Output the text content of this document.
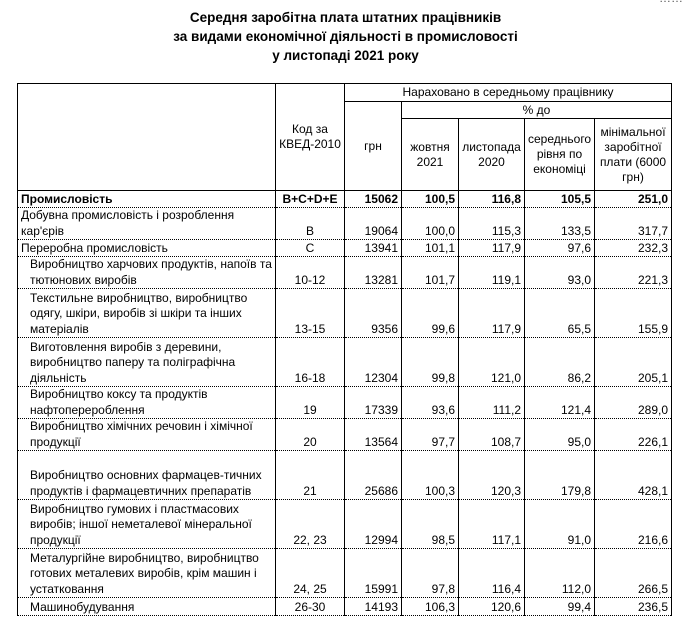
Середня заробітна плата штатних працівників
за видами економічної діяльності в промисловості
у листопаді 2021 року
	Код за КВЕД-2010	Нараховано в середньому працівнику				
		грн	% до			
			жовтня 2021	листопада 2020	середнього рівня по економіці	мінімальної заробітної плати (6000 грн)
Промисловість	B+C+D+E	15062	100,5	116,8	105,5	251,0
Добувна промисловість і розроблення кар'єрів	B	19064	100,0	115,3	133,5	317,7
Переробна промисловість	C	13941	101,1	117,9	97,6	232,3
Виробництво харчових продуктів, напоїв та тютюнових виробів	10-12	13281	101,7	119,1	93,0	221,3
Текстильне виробництво, виробництво одягу, шкіри, виробів зі шкіри та інших матеріалів	13-15	9356	99,6	117,9	65,5	155,9
Виготовлення виробів з деревини, виробництво паперу та поліграфічна діяльність	16-18	12304	99,8	121,0	86,2	205,1
Виробництво коксу та продуктів нафтоперероблення	19	17339	93,6	111,2	121,4	289,0
Виробництво хімічних речовин і хімічної продукції	20	13564	97,7	108,7	95,0	226,1
Виробництво основних фармацев-тичних продуктів і фармацевтичних препаратів	21	25686	100,3	120,3	179,8	428,1
Виробництво гумових і пластмасових виробів; іншої неметалевої мінеральної продукції	22, 23	12994	98,5	117,1	91,0	216,6
Металургійне виробництво, виробництво готових металевих виробів, крім машин і устатковання	24, 25	15991	97,8	116,4	112,0	266,5
Машинобудування	26-30	14193	106,3	120,6	99,4	236,5
